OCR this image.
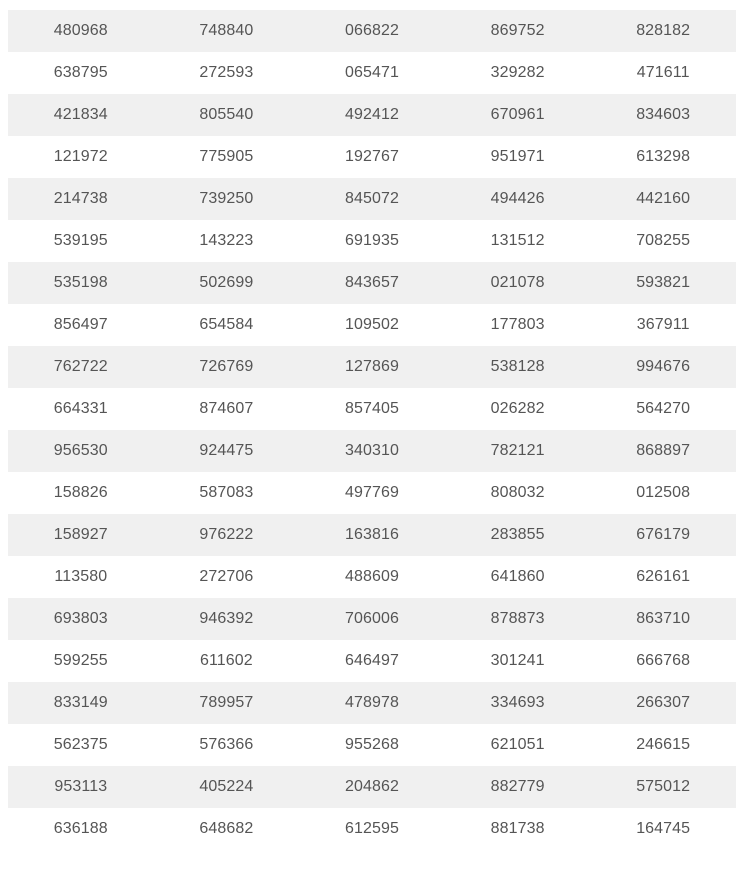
480968	748840	066822	869752	828182
638795	272593	065471	329282	471611
421834	805540	492412	670961	834603
121972	775905	192767	951971	613298
214738	739250	845072	494426	442160
539195	143223	691935	131512	708255
535198	502699	843657	021078	593821
856497	654584	109502	177803	367911
762722	726769	127869	538128	994676
664331	874607	857405	026282	564270
956530	924475	340310	782121	868897
158826	587083	497769	808032	012508
158927	976222	163816	283855	676179
113580	272706	488609	641860	626161
693803	946392	706006	878873	863710
599255	611602	646497	301241	666768
833149	789957	478978	334693	266307
562375	576366	955268	621051	246615
953113	405224	204862	882779	575012
636188	648682	612595	881738	164745
